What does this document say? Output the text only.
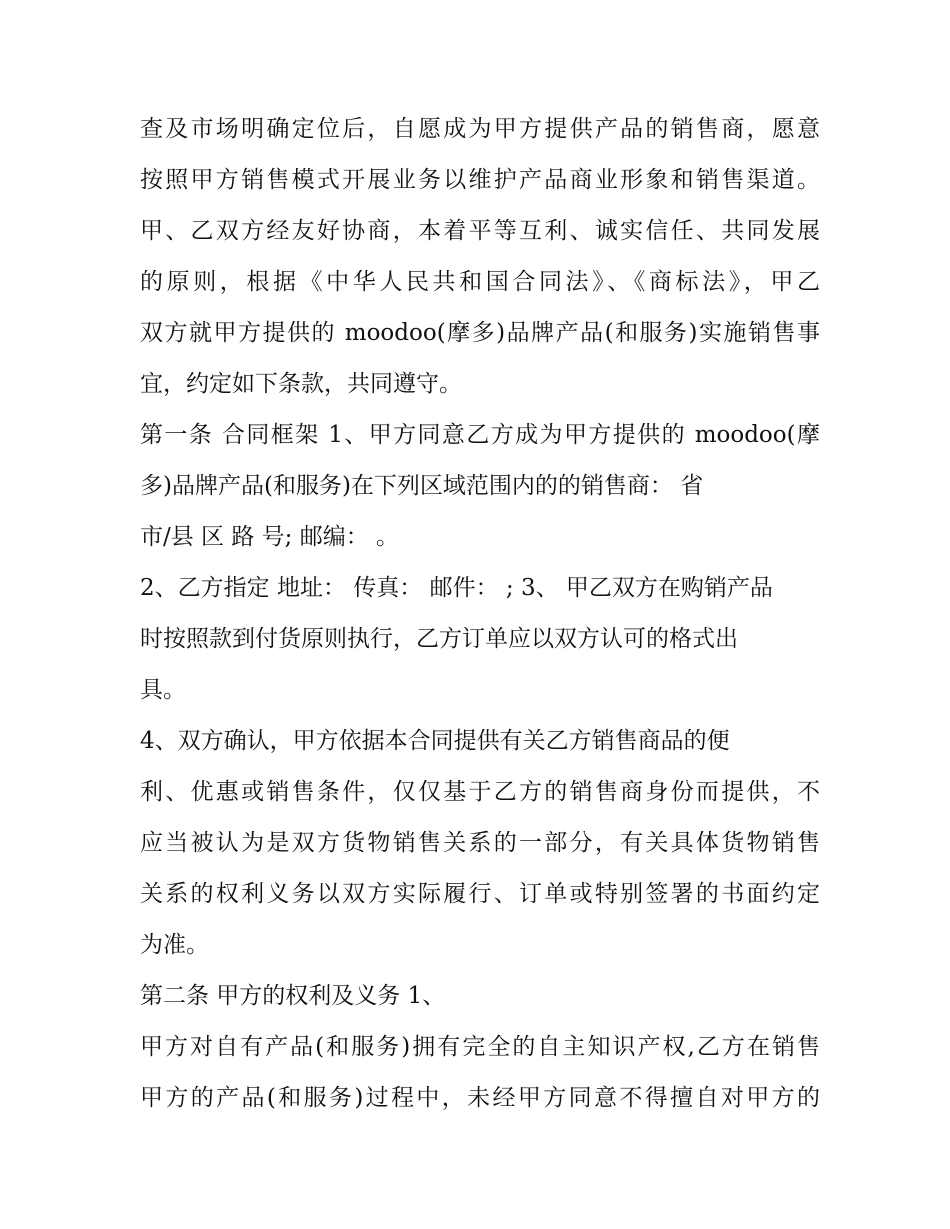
查及市场明确定位后，自愿成为甲方提供产品的销售商，愿意
按照甲方销售模式开展业务以维护产品商业形象和销售渠道。
甲、乙双方经友好协商，本着平等互利、诚实信任、共同发展
的原则，根据《中华人民共和国合同法》、《商标法》，甲乙
双方就甲方提供的 moodoo(摩多)品牌产品(和服务)实施销售事
宜，约定如下条款，共同遵守。
第一条 合同框架 1、甲方同意乙方成为甲方提供的 moodoo(摩
多)品牌产品(和服务)在下列区域范围内的的销售商： 省
市/县 区 路 号; 邮编： 。
2、乙方指定 地址： 传真： 邮件： ; 3、 甲乙双方在购销产品
时按照款到付货原则执行，乙方订单应以双方认可的格式出
具。
4、双方确认，甲方依据本合同提供有关乙方销售商品的便
利、优惠或销售条件，仅仅基于乙方的销售商身份而提供，不
应当被认为是双方货物销售关系的一部分，有关具体货物销售
关系的权利义务以双方实际履行、订单或特别签署的书面约定
为准。
第二条 甲方的权利及义务 1、
甲方对自有产品(和服务)拥有完全的自主知识产权,乙方在销售
甲方的产品(和服务)过程中，未经甲方同意不得擅自对甲方的
